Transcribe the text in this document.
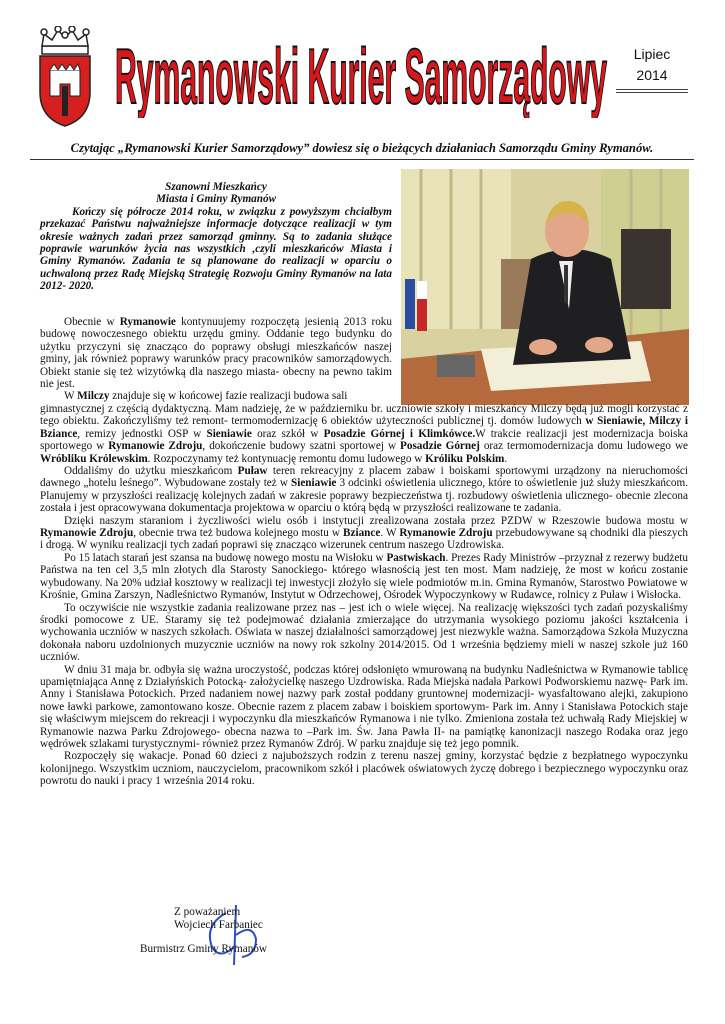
Rymanowski Kurier Samorządowy	Lipiec
2014
Czytając „Rymanowski Kurier Samorządowy” dowiesz się o bieżących działaniach Samorządu Gminy Rymanów.
Szanowni Mieszkańcy
Miasta i Gminy Rymanów
Kończy się półrocze 2014 roku, w związku z powyższym chciałbym przekazać Państwu najważniejsze informacje dotyczące realizacji w tym okresie ważnych zadań przez samorząd gminny. Są to zadania służące poprawie warunków życia nas wszystkich ,czyli mieszkańców Miasta i Gminy Rymanów. Zadania te są planowane do realizacji w oparciu o uchwaloną przez Radę Miejską Strategię Rozwoju Gminy Rymanów na lata 2012- 2020.

Obecnie w Rymanowie kontynuujemy rozpoczętą jesienią 2013 roku budowę nowoczesnego obiektu urzędu gminy. Oddanie tego budynku do użytku przyczyni się znacząco do poprawy obsługi mieszkańców naszej gminy, jak również poprawy warunków pracy pracowników samorządowych. Obiekt stanie się też wizytówką dla naszego miasta- obecny na pewno takim nie jest.

W Milczy znajduje się w końcowej fazie realizacji budowa sali

gimnastycznej z częścią dydaktyczną. Mam nadzieję, że w październiku br. uczniowie szkoły i mieszkańcy Milczy będą już mogli korzystać z tego obiektu. Zakończyliśmy też remont- termomodernizację 6 obiektów użyteczności publicznej tj. domów ludowych w Sieniawie, Milczy i Bziance, remizy jednostki OSP w Sieniawie oraz szkół w Posadzie Górnej i Klimkówce.W trakcie realizacji jest modernizacja boiska sportowego w Rymanowie Zdroju, dokończenie budowy szatni sportowej w Posadzie Górnej oraz termomodernizacja domu ludowego we Wróbliku Królewskim. Rozpoczynamy też kontynuację remontu domu ludowego w Króliku Polskim.

Oddaliśmy do użytku mieszkańcom Puław teren rekreacyjny z placem zabaw i boiskami sportowymi urządzony na nieruchomości dawnego „hotelu leśnego”. Wybudowane zostały też w Sieniawie 3 odcinki oświetlenia ulicznego, które to oświetlenie już służy mieszkańcom. Planujemy w przyszłości realizację kolejnych zadań w zakresie poprawy bezpieczeństwa tj. rozbudowy oświetlenia ulicznego- obecnie zlecona została i jest opracowywana dokumentacja projektowa w oparciu o którą będą w przyszłości realizowane te zadania.

Dzięki naszym staraniom i życzliwości wielu osób i instytucji zrealizowana została przez PZDW w Rzeszowie budowa mostu w Rymanowie Zdroju, obecnie trwa też budowa kolejnego mostu w Bziance. W Rymanowie Zdroju przebudowywane są chodniki dla pieszych i drogą. W wyniku realizacji tych zadań poprawi się znacząco wizerunek centrum naszego Uzdrowiska.

Po 15 latach starań jest szansa na budowę nowego mostu na Wisłoku w Pastwiskach. Prezes Rady Ministrów –przyznał z rezerwy budżetu Państwa na ten cel 3,5 mln złotych dla Starosty Sanockiego- którego własnością jest ten most. Mam nadzieję, że most w końcu zostanie wybudowany. Na 20% udział kosztowy w realizacji tej inwestycji złożyło się wiele podmiotów m.in. Gmina Rymanów, Starostwo Powiatowe w Krośnie, Gmina Zarszyn, Nadleśnictwo Rymanów, Instytut w Odrzechowej, Ośrodek Wypoczynkowy w Rudawce, rolnicy z Puław i Wisłocka.

To oczywiście nie wszystkie zadania realizowane przez nas – jest ich o wiele więcej. Na realizację większości tych zadań pozyskaliśmy środki pomocowe z UE. Staramy się też podejmować działania zmierzające do utrzymania wysokiego poziomu jakości kształcenia i wychowania uczniów w naszych szkołach. Oświata w naszej działalności samorządowej jest niezwykle ważna. Samorządowa Szkoła Muzyczna dokonała naboru uzdolnionych muzycznie uczniów na nowy rok szkolny 2014/2015. Od 1 września będziemy mieli w naszej szkole już 160 uczniów.

W dniu 31 maja br. odbyła się ważna uroczystość, podczas której odsłonięto wmurowaną na budynku Nadleśnictwa w Rymanowie tablicę upamiętniająca Annę z Działyńskich Potocką- założycielkę naszego Uzdrowiska. Rada Miejska nadała Parkowi Podworskiemu nazwę- Park im. Anny i Stanisława Potockich. Przed nadaniem nowej nazwy park został poddany gruntownej modernizacji- wyasfaltowano alejki, zakupiono nowe ławki parkowe, zamontowano kosze. Obecnie razem z placem zabaw i boiskiem sportowym- Park im. Anny i Stanisława Potockich staje się właściwym miejscem do rekreacji i wypoczynku dla mieszkańców Rymanowa i nie tylko. Zmieniona została też uchwałą Rady Miejskiej w Rymanowie nazwa Parku Zdrojowego- obecna nazwa to –Park im. Św. Jana Pawła II- na pamiątkę kanonizacji naszego Rodaka oraz jego wędrówek szlakami turystycznymi- również przez Rymanów Zdrój. W parku znajduje się też jego pomnik.

Rozpoczęły się wakacje. Ponad 60 dzieci z najuboższych rodzin z terenu naszej gminy, korzystać będzie z bezpłatnego wypoczynku kolonijnego. Wszystkim uczniom, nauczycielom, pracownikom szkół i placówek oświatowych życzę dobrego i bezpiecznego wypoczynku oraz powrotu do nauki i pracy 1 września 2014 roku.

Z poważaniem
Wojciech Farbaniec
Burmistrz Gminy Rymanów
